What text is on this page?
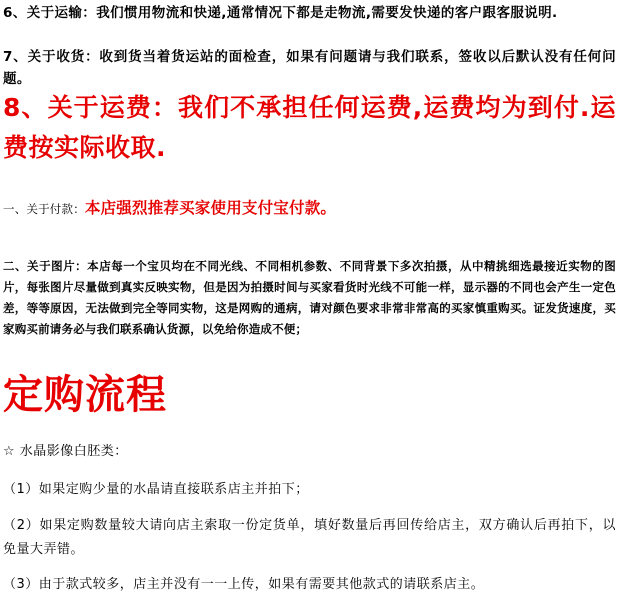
6、关于运输：我们惯用物流和快递,通常情况下都是走物流,需要发快递的客户跟客服说明.

7、关于收货：收到货当着货运站的面检查，如果有问题请与我们联系，签收以后默认没有任何问题。

8、关于运费：我们不承担任何运费,运费均为到付.运费按实际收取.

一、关于付款：本店强烈推荐买家使用支付宝付款。

二、关于图片：本店每一个宝贝均在不同光线、不同相机参数、不同背景下多次拍摄，从中精挑细选最接近实物的图片，每张图片尽量做到真实反映实物，但是因为拍摄时间与买家看货时光线不可能一样，显示器的不同也会产生一定色差，等等原因，无法做到完全等同实物，这是网购的通病，请对颜色要求非常非常高的买家慎重购买。证发货速度，买家购买前请务必与我们联系确认货源，以免给你造成不便；

定购流程

☆ 水晶影像白胚类：

（1）如果定购少量的水晶请直接联系店主并拍下；

（2）如果定购数量较大请向店主索取一份定货单，填好数量后再回传给店主，双方确认后再拍下，以免量大弄错。

（3）由于款式较多，店主并没有一一上传，如果有需要其他款式的请联系店主。
